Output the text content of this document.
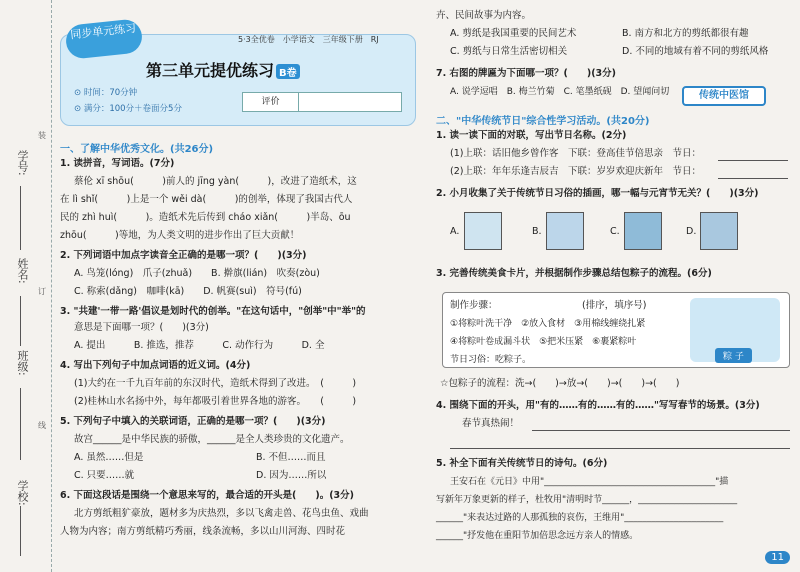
学号:
姓名:
班级:
学校:
装
订
线
同步单元练习	5·3全优卷　小学语文　三年级下册　RJ
第三单元提优练习 B卷
⊙ 时间：70分钟
⊙ 满分：100分＋卷面分5分
评价
一、了解中华优秀文化。(共26分)
1. 读拼音，写词语。(7分)
蔡伦 xī shōu(　　　)前人的 jīng yàn(　　　)，改进了造纸术，这
在 lì shǐ(　　　)上是一个 wěi dà(　　　)的创举，体现了我国古代人
民的 zhì huì(　　　)。造纸术先后传到 cháo xiǎn(　　　)半岛、ōu
zhōu(　　　)等地，为人类文明的进步作出了巨大贡献！
2. 下列词语中加点字读音全正确的是哪一项？(　　)(3分)
A. 鸟笼(lóng)　爪子(zhuǎ)　　B. 擀旗(lián)　吹奏(zòu)
C. 称索(dǎng)　咖啡(kā)　　D. 帆赛(suì)　符号(fú)
3. "共建'一带一路'倡议是划时代的创举。"在这句话中，"创举"中"举"的
意思是下面哪一项？(　　)(3分)
A. 提出　　　B. 推选，推荐　　　C. 动作行为　　　D. 全
4. 写出下列句子中加点词语的近义词。(4分)
(1)大约在一千九百年前的东汉时代，造纸术得到了改进。　(　　　)
(2)桂林山水名扬中外，每年都吸引着世界各地的游客。　　(　　　)
5. 下列句子中填入的关联词语，正确的是哪一项？(　　)(3分)
故宫______是中华民族的骄傲，______是全人类珍贵的文化遗产。
A. 虽然……但是	B. 不但……而且
C. 只要……就	D. 因为……所以
6. 下面这段话是围绕一个意思来写的，最合适的开头是(　　)。(3分)
北方剪纸粗犷豪放，题材多为庆热烈，多以飞禽走兽、花鸟虫鱼、戏曲
人物为内容；南方剪纸精巧秀丽，线条流畅，多以山川河海、四时花
卉、民间故事为内容。
A. 剪纸是我国重要的民间艺术	B. 南方和北方的剪纸都很有趣
C. 剪纸与日常生活密切相关	D. 不同的地域有着不同的剪纸风格
7. 右图的牌匾为下面哪一项？(　　)(3分)
A. 说学逗唱　B. 梅兰竹菊　C. 笔墨纸砚　D. 望闻问切	传统中医馆
二、"中华传统节日"综合性学习活动。(共20分)
1. 读一读下面的对联，写出节日名称。(2分)
(1)上联：话旧他乡曾作客　下联：登高佳节倍思亲　节日：
(2)上联：年年乐逢吉辰吉　下联：岁岁欢迎庆新年　节日：
2. 小月收集了关于传统节日习俗的插画，哪一幅与元宵节无关？(　　)(3分)
A.	B.	C.	D.
3. 完善传统美食卡片，并根据制作步骤总结包粽子的流程。(6分)
制作步骤：	(排序，填序号)
①将粽叶洗干净　②放入食材　③用棉线缠绕扎紧
④将粽叶卷成漏斗状　⑤把米压紧　⑥裹紧粽叶
节日习俗：吃粽子。	粽 子
☆包粽子的流程：洗→(　　)→放→(　　)→(　　)→(　　)
4. 围绕下面的开头，用"有的……有的……有的……"写写春节的场景。(3分)
春节真热闹！
5. 补全下面有关传统节日的诗句。(6分)
王安石在《元日》中用"______________________________________"描
写新年万象更新的样子，杜牧用"清明时节______，______________________
______"来表达过路的人那孤独的哀伤，王维用"______________________
______"抒发他在重阳节加倍思念远方亲人的情感。
11
